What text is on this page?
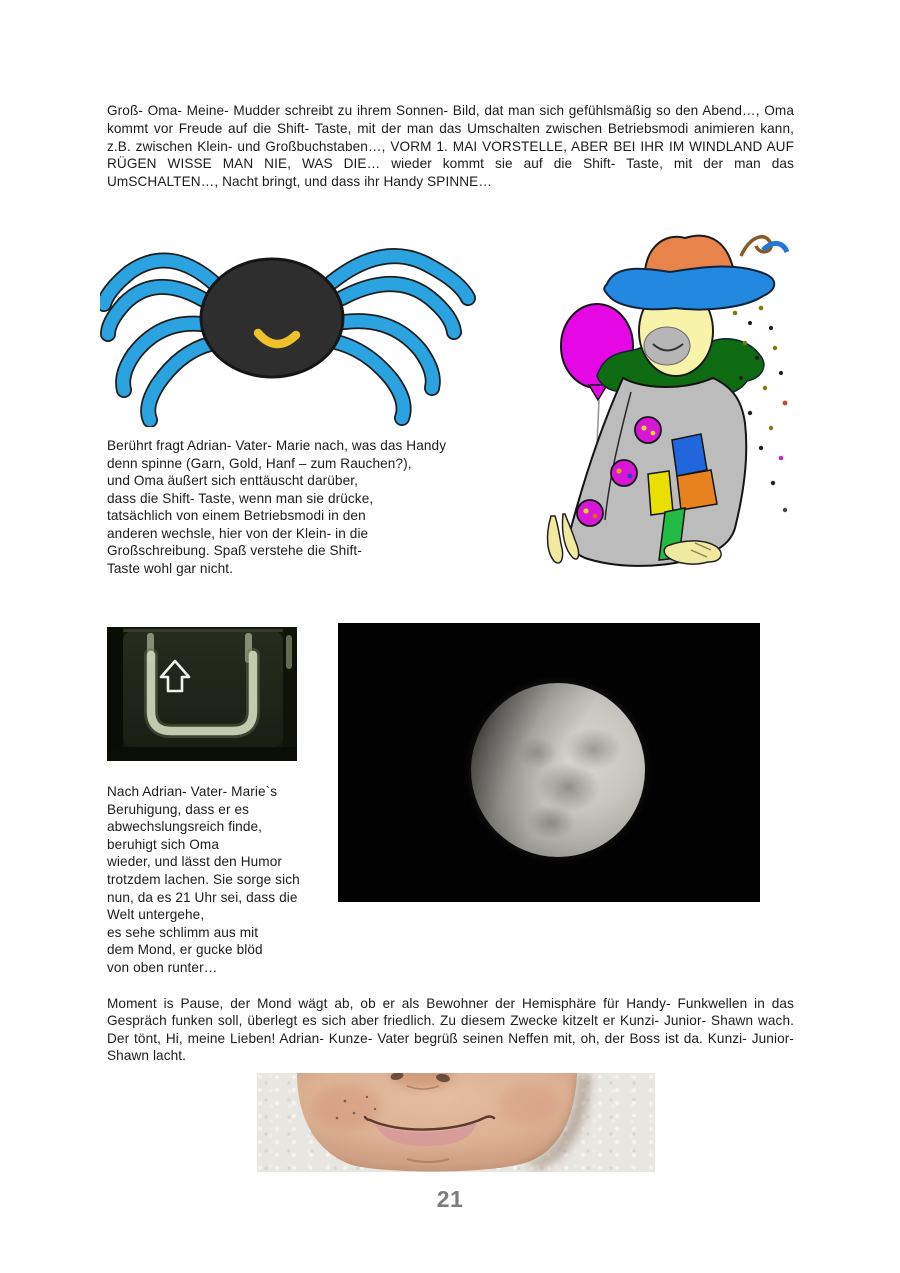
Groß- Oma- Meine- Mudder schreibt zu ihrem Sonnen- Bild, dat man sich gefühlsmäßig so den Abend…, Oma kommt vor Freude auf die Shift- Taste, mit der man das Umschalten zwischen Betriebsmodi animieren kann, z.B. zwischen Klein- und Großbuchstaben…, VORM 1. MAI VORSTELLE, ABER BEI IHR IM WINDLAND AUF RÜGEN WISSE MAN NIE, WAS DIE… wieder kommt sie auf die Shift- Taste, mit der man das UmSCHALTEN…, Nacht bringt, und dass ihr Handy SPINNE…
Berührt fragt Adrian- Vater- Marie nach, was das Handy
denn spinne (Garn, Gold, Hanf – zum Rauchen?),
und Oma äußert sich enttäuscht darüber,
dass die Shift- Taste, wenn man sie drücke,
tatsächlich von einem Betriebsmodi in den
anderen wechsle, hier von der Klein- in die
Großschreibung. Spaß verstehe die Shift-
Taste wohl gar nicht.
Nach Adrian- Vater- Marie`s
Beruhigung, dass er es
abwechslungsreich finde,
beruhigt sich Oma
wieder, und lässt den Humor
trotzdem lachen. Sie sorge sich
nun, da es 21 Uhr sei, dass die
Welt untergehe,
es sehe schlimm aus mit
dem Mond, er gucke blöd
von oben runter…
Moment is Pause, der Mond wägt ab, ob er als Bewohner der Hemisphäre für Handy- Funkwellen in das Gespräch funken soll, überlegt es sich aber friedlich. Zu diesem Zwecke kitzelt er Kunzi- Junior- Shawn wach. Der tönt, Hi, meine Lieben! Adrian- Kunze- Vater begrüß seinen Neffen mit, oh, der Boss ist da. Kunzi- Junior- Shawn lacht.
21
